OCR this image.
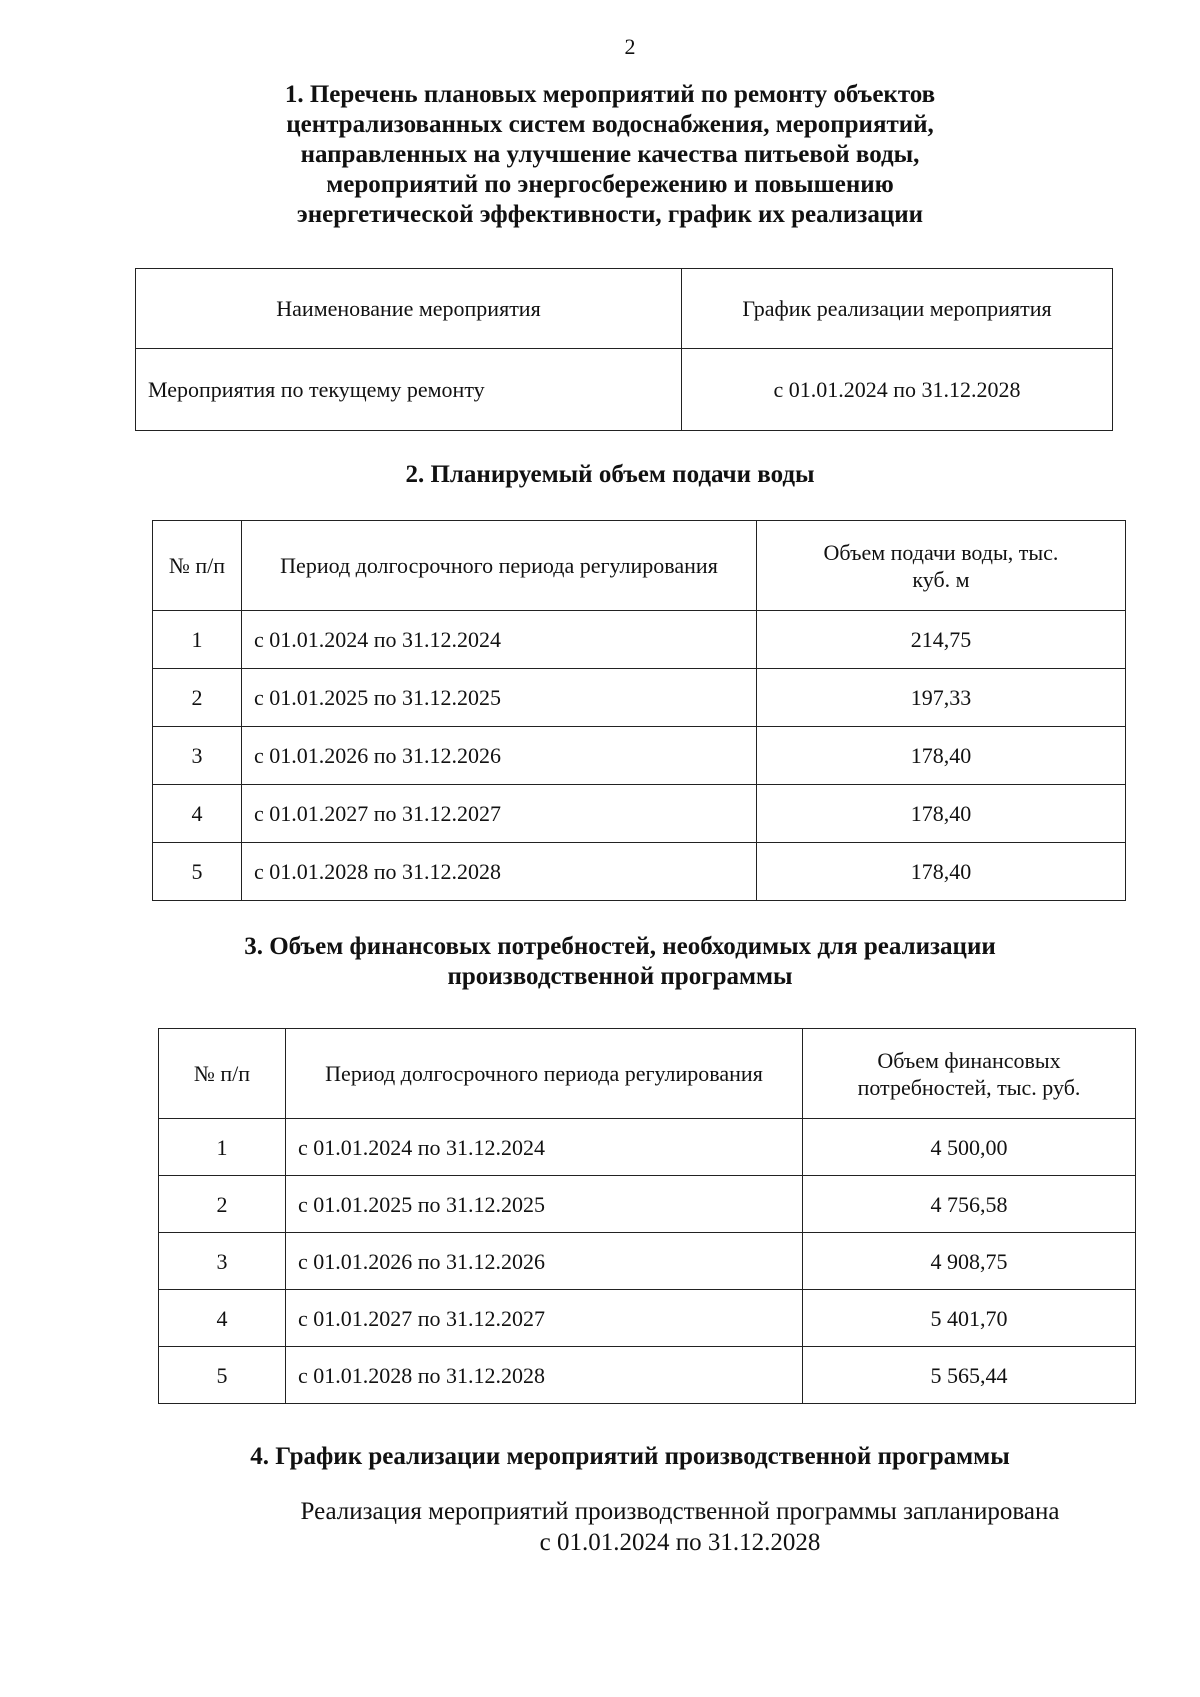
2
1. Перечень плановых мероприятий по ремонту объектов
централизованных систем водоснабжения, мероприятий,
направленных на улучшение качества питьевой воды,
мероприятий по энергосбережению и повышению
энергетической эффективности, график их реализации
Наименование мероприятия	График реализации мероприятия
Мероприятия по текущему ремонту	с 01.01.2024 по 31.12.2028
2. Планируемый объем подачи воды
№ п/п	Период долгосрочного периода регулирования	Объем подачи воды, тыс. куб. м
1	с 01.01.2024 по 31.12.2024	214,75
2	с 01.01.2025 по 31.12.2025	197,33
3	с 01.01.2026 по 31.12.2026	178,40
4	с 01.01.2027 по 31.12.2027	178,40
5	с 01.01.2028 по 31.12.2028	178,40
3. Объем финансовых потребностей, необходимых для реализации
производственной программы
№ п/п	Период долгосрочного периода регулирования	Объем финансовых потребностей, тыс. руб.
1	с 01.01.2024 по 31.12.2024	4 500,00
2	с 01.01.2025 по 31.12.2025	4 756,58
3	с 01.01.2026 по 31.12.2026	4 908,75
4	с 01.01.2027 по 31.12.2027	5 401,70
5	с 01.01.2028 по 31.12.2028	5 565,44
4. График реализации мероприятий производственной программы
Реализация мероприятий производственной программы запланирована
с 01.01.2024 по 31.12.2028
